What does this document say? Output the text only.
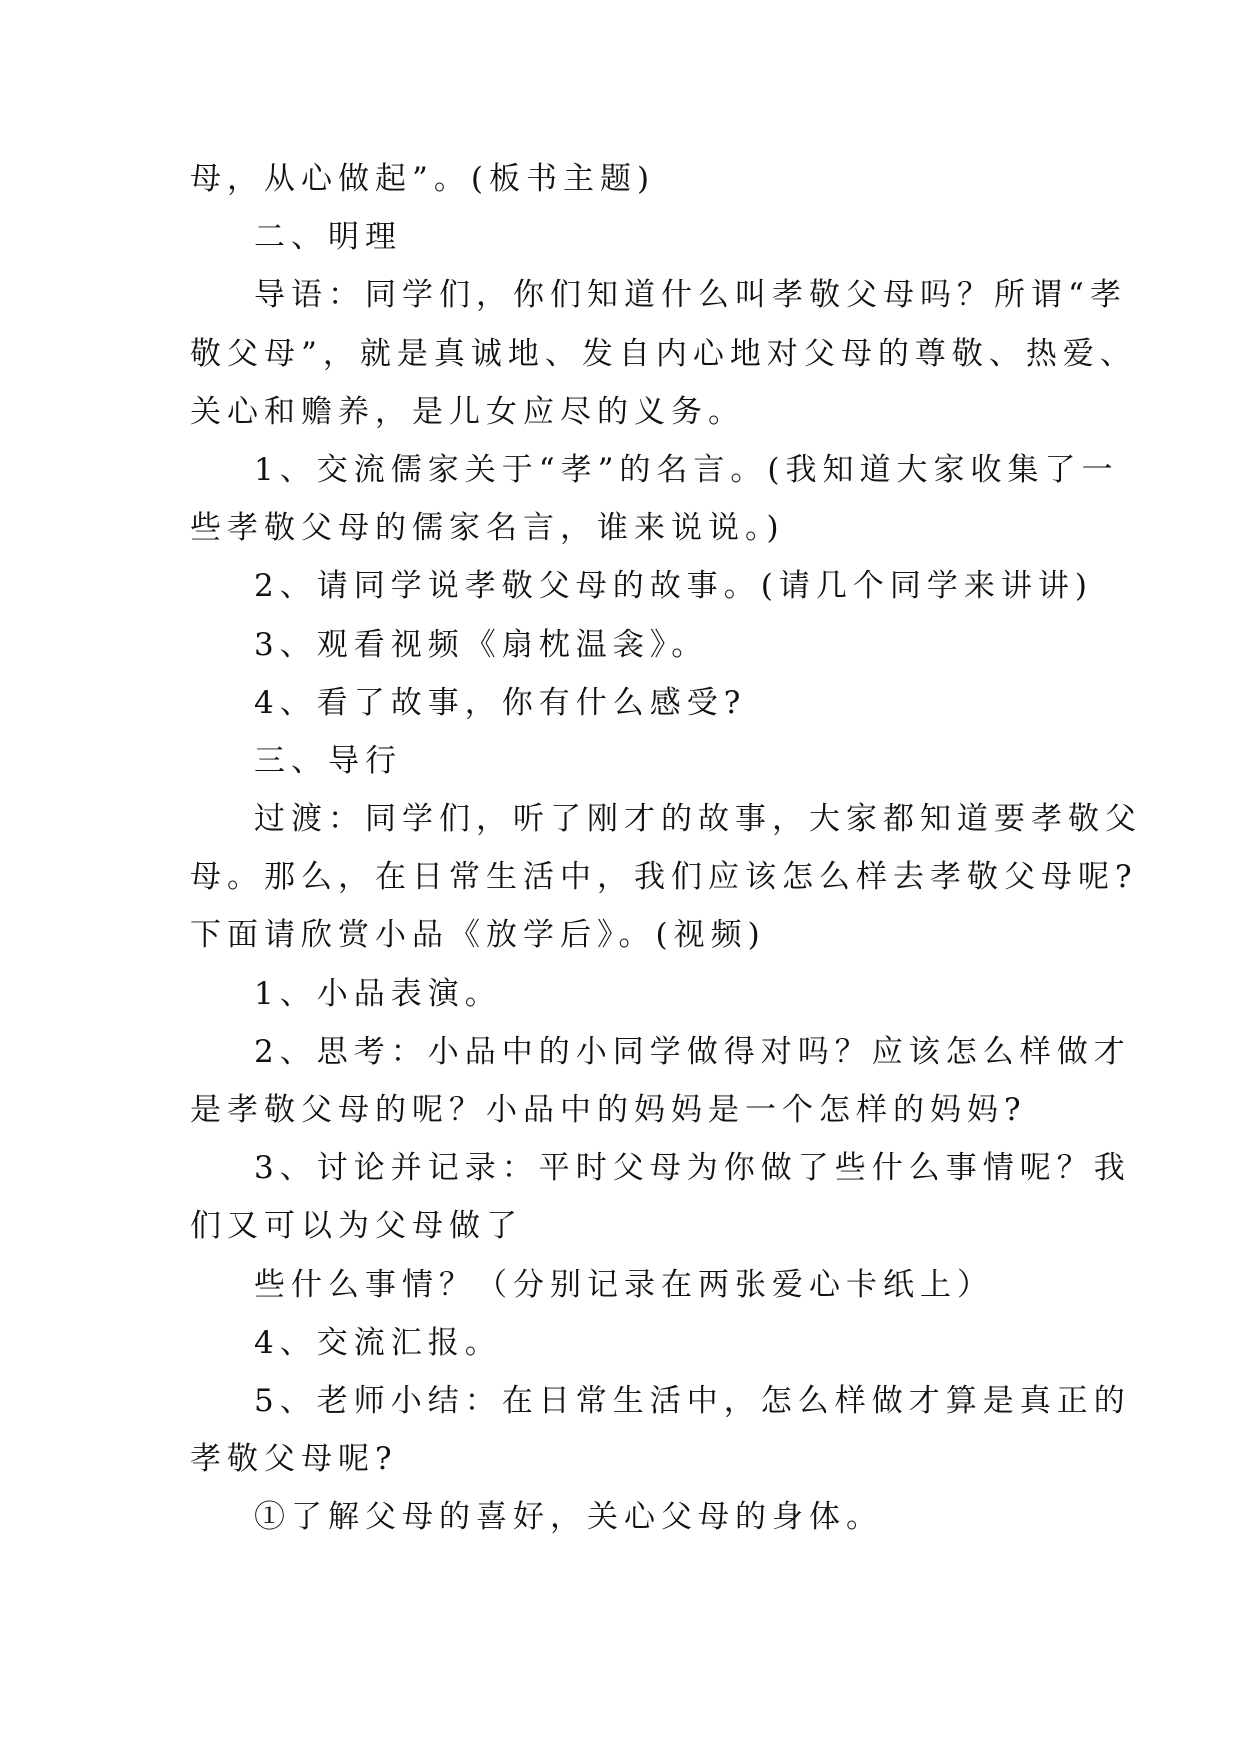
母，从心做起”。(板书主题)
二、明理
导语：同学们，你们知道什么叫孝敬父母吗？所谓“孝
敬父母”，就是真诚地、发自内心地对父母的尊敬、热爱、
关心和赡养，是儿女应尽的义务。
1、交流儒家关于“孝”的名言。(我知道大家收集了一
些孝敬父母的儒家名言，谁来说说。)
2、请同学说孝敬父母的故事。(请几个同学来讲讲)
3、观看视频《扇枕温衾》。
4、看了故事，你有什么感受?
三、导行
过渡：同学们，听了刚才的故事，大家都知道要孝敬父
母。那么，在日常生活中，我们应该怎么样去孝敬父母呢?
下面请欣赏小品《放学后》。(视频)
1、小品表演。
2、思考：小品中的小同学做得对吗？应该怎么样做才
是孝敬父母的呢？小品中的妈妈是一个怎样的妈妈?
3、讨论并记录：平时父母为你做了些什么事情呢？我
们又可以为父母做了
些什么事情？（分别记录在两张爱心卡纸上）
4、交流汇报。
5、老师小结：在日常生活中，怎么样做才算是真正的
孝敬父母呢?
①了解父母的喜好，关心父母的身体。
